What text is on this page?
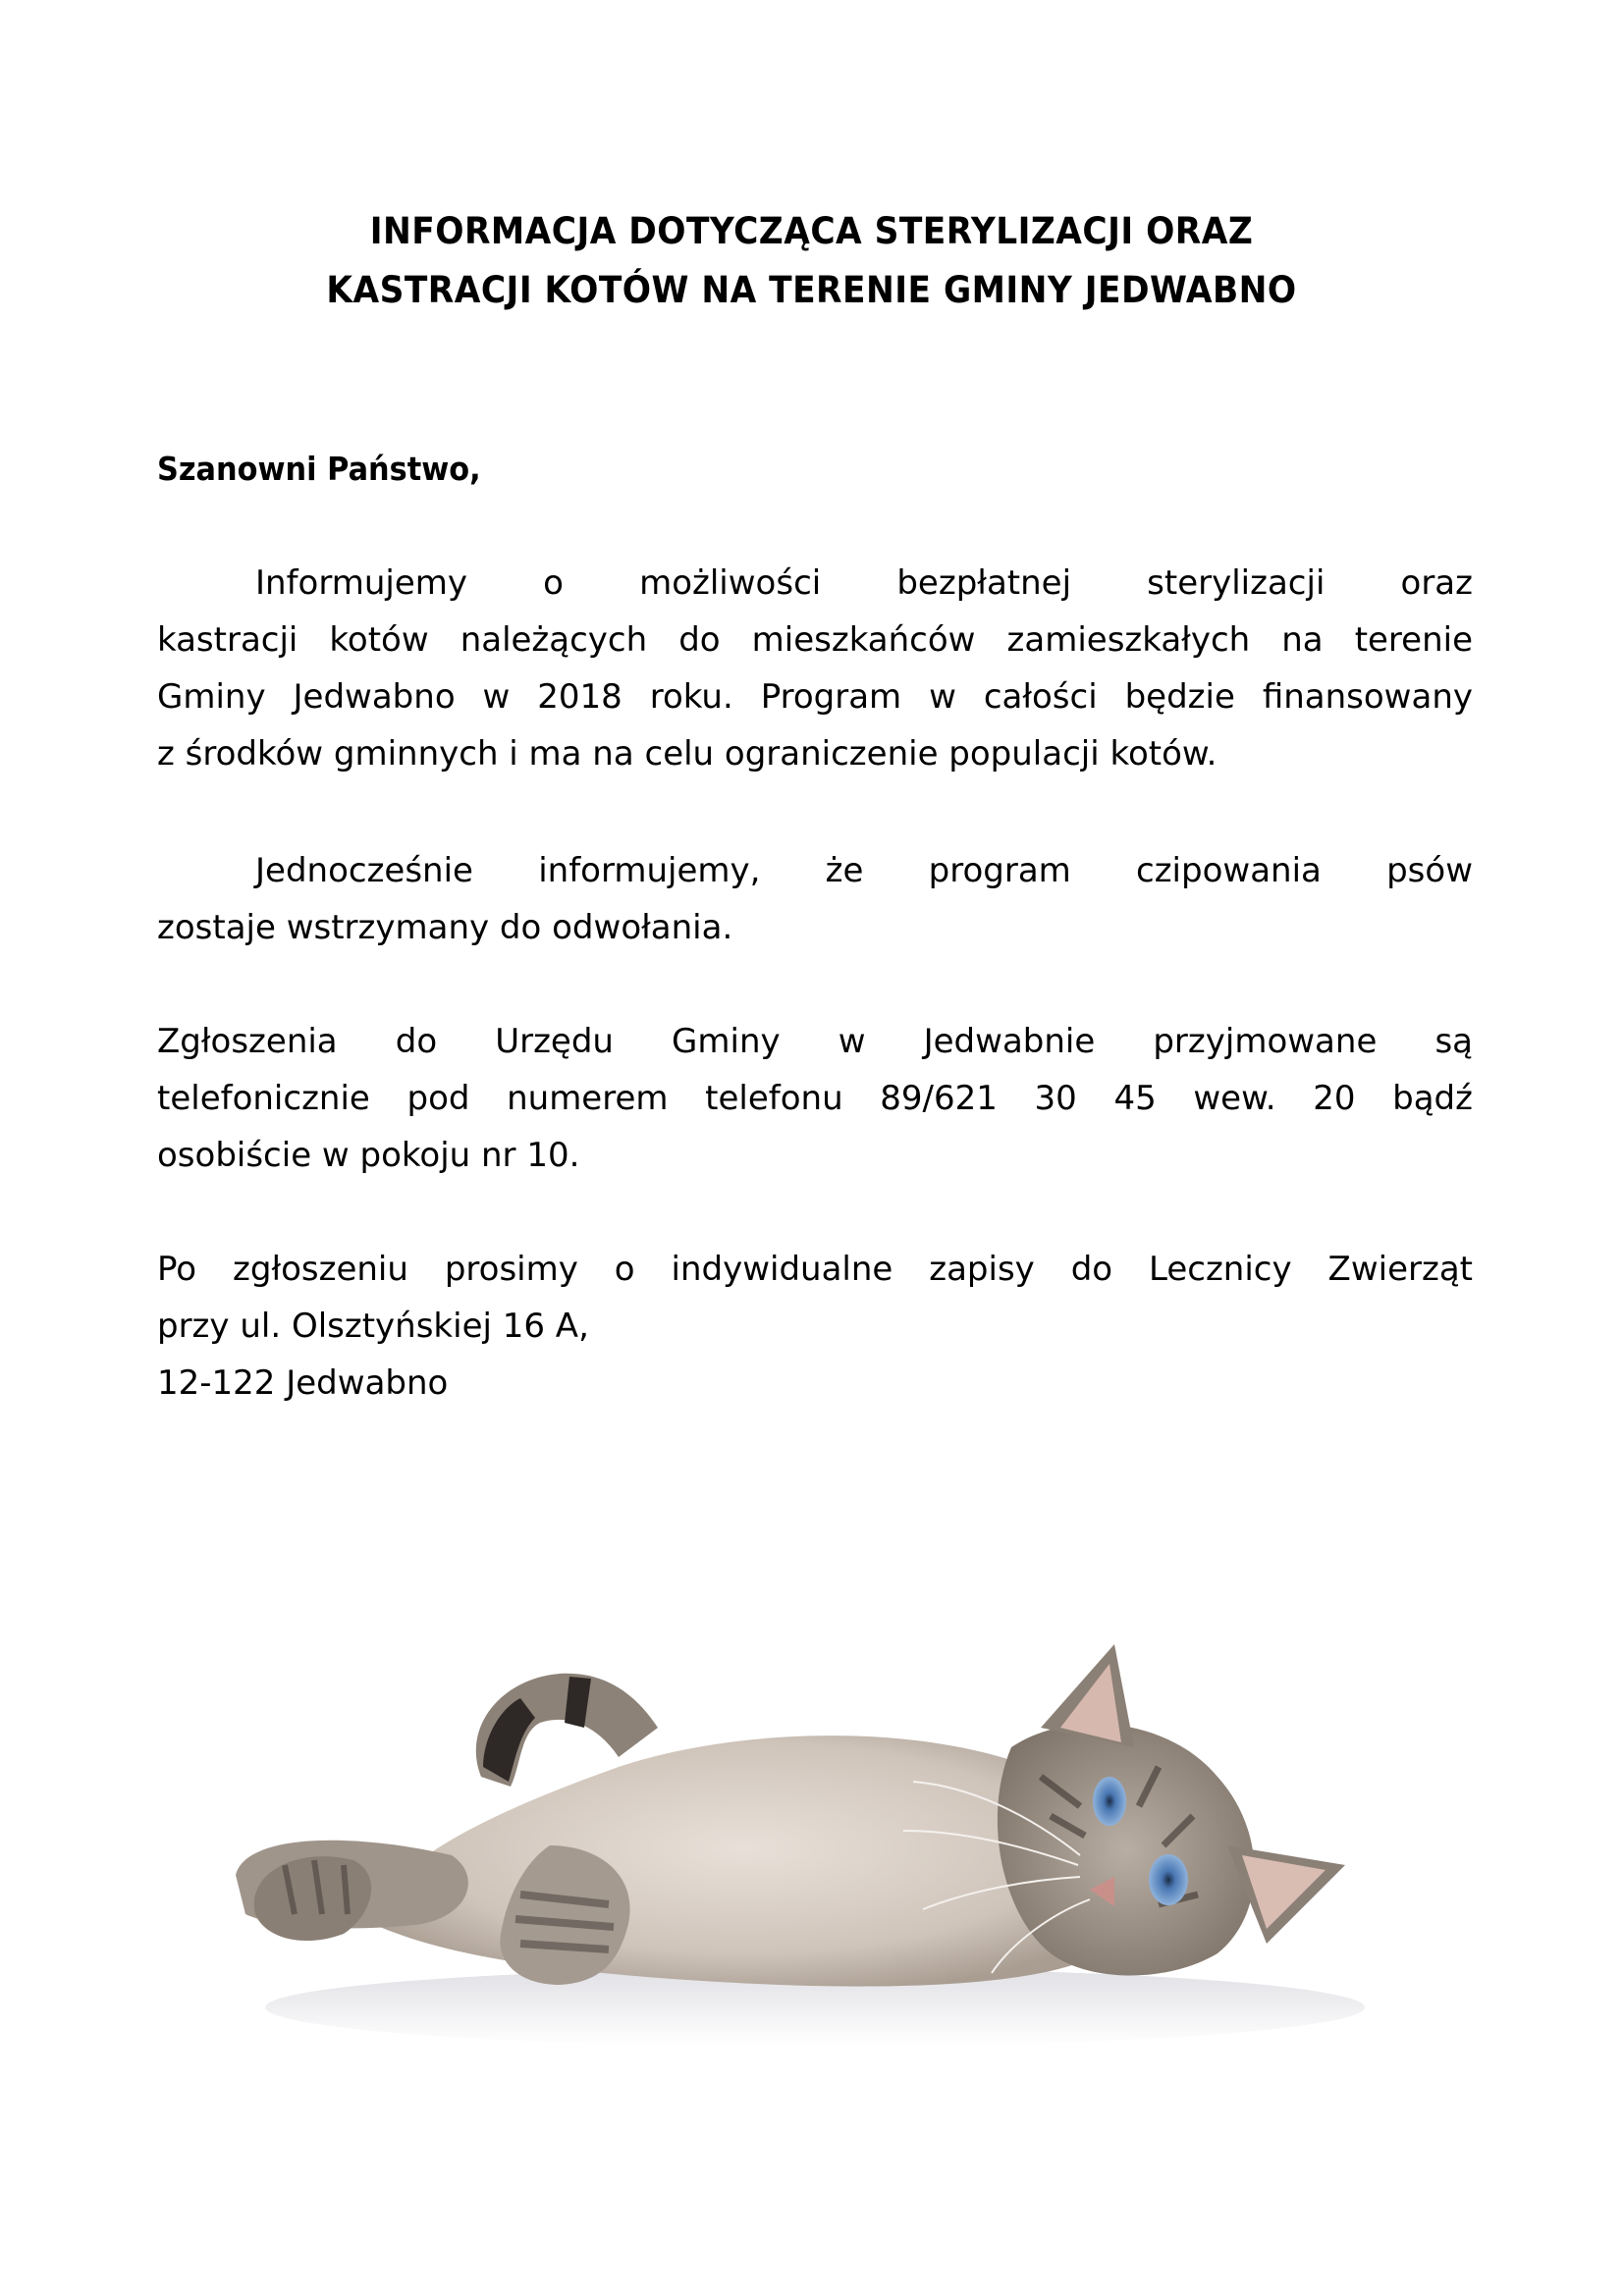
INFORMACJA DOTYCZĄCA STERYLIZACJI ORAZ
KASTRACJI KOTÓW NA TERENIE GMINY JEDWABNO
Szanowni Państwo,
Informujemy o możliwości bezpłatnej sterylizacji oraz
kastracji kotów należących do mieszkańców zamieszkałych na terenie
Gminy Jedwabno w 2018 roku. Program w całości będzie finansowany
z środków gminnych i ma na celu ograniczenie populacji kotów.
Jednocześnie informujemy, że program czipowania psów
zostaje wstrzymany do odwołania.
Zgłoszenia do Urzędu Gminy w Jedwabnie przyjmowane są
telefonicznie pod numerem telefonu 89/621 30 45 wew. 20 bądź
osobiście w pokoju nr 10.
Po zgłoszeniu prosimy o indywidualne zapisy do Lecznicy Zwierząt
przy ul. Olsztyńskiej 16 A,
12-122 Jedwabno
